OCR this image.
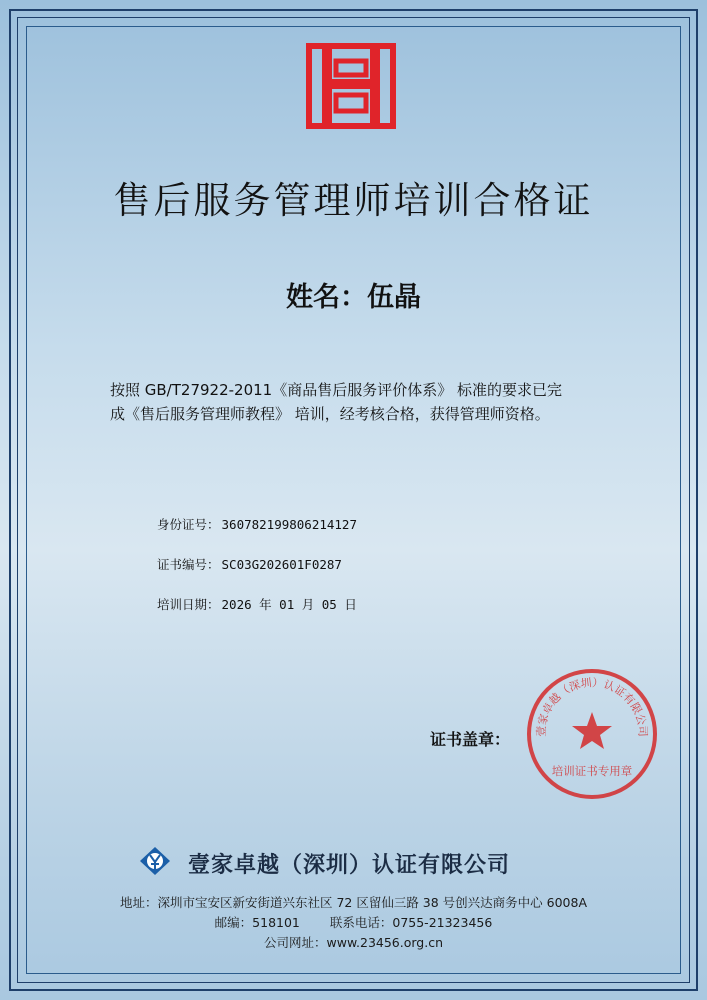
售后服务管理师培训合格证
姓名：伍晶
按照 GB/T27922-2011《商品售后服务评价体系》 标准的要求已完
成《售后服务管理师教程》 培训，经考核合格，获得管理师资格。
身份证号： 360782199806214127
证书编号： SC03G202601F0287
培训日期： 2026 年 01 月 05 日
证书盖章： 壹家卓越（深圳）认证有限公司
培训证书专用章
壹家卓越（深圳）认证有限公司
地址：深圳市宝安区新安街道兴东社区 72 区留仙三路 38 号创兴达商务中心 6008A
邮编：518101 联系电话：0755-21323456
公司网址：www.23456.org.cn
